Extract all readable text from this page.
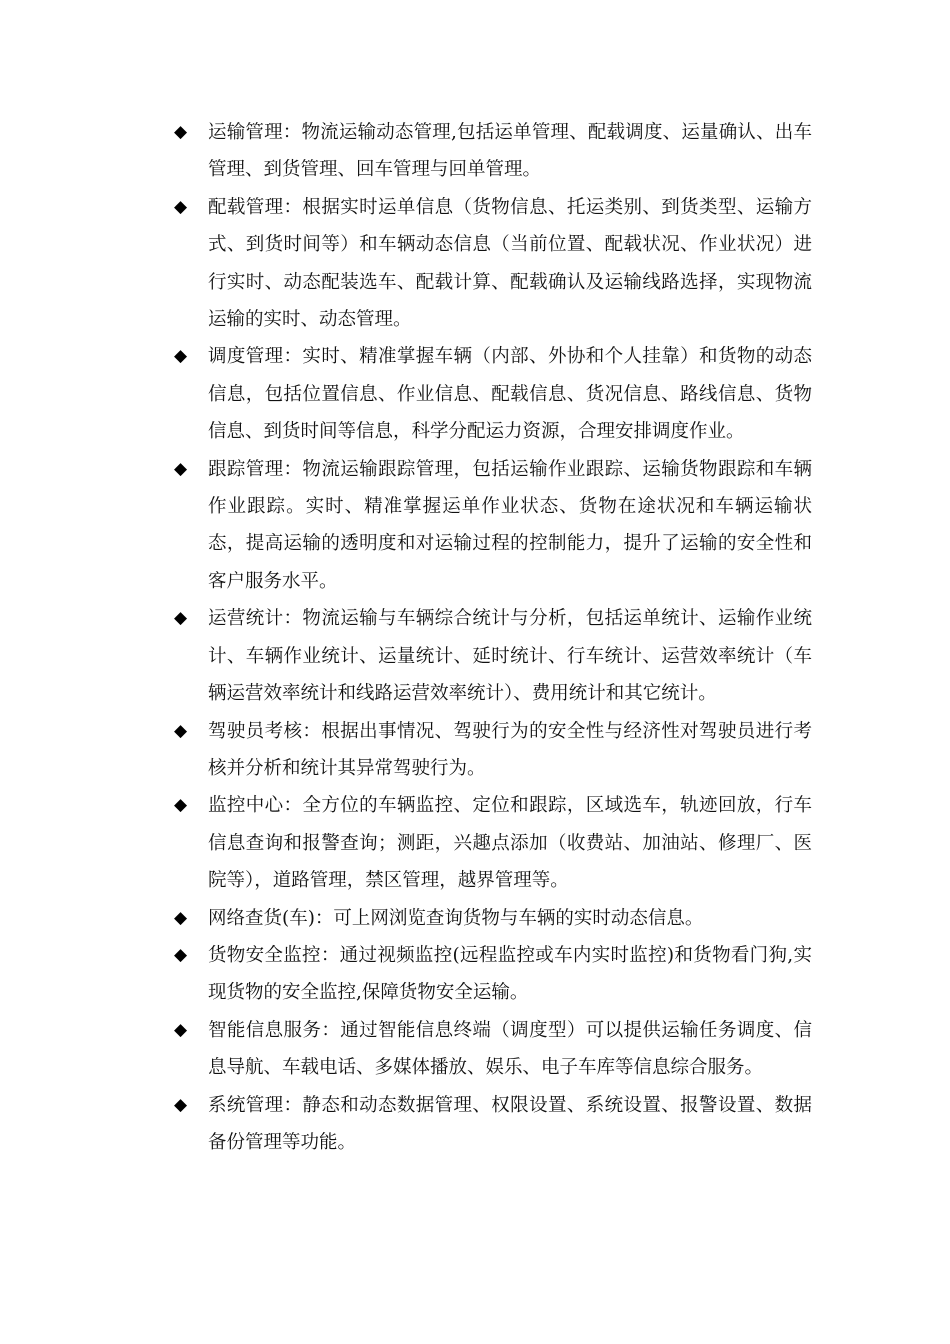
◆ 运输管理：物流运输动态管理,包括运单管理、配载调度、运量确认、出车管理、到货管理、回车管理与回单管理。
◆ 配载管理：根据实时运单信息（货物信息、托运类别、到货类型、运输方式、到货时间等）和车辆动态信息（当前位置、配载状况、作业状况）进行实时、动态配装选车、配载计算、配载确认及运输线路选择，实现物流运输的实时、动态管理。
◆ 调度管理：实时、精准掌握车辆（内部、外协和个人挂靠）和货物的动态信息，包括位置信息、作业信息、配载信息、货况信息、路线信息、货物信息、到货时间等信息，科学分配运力资源，合理安排调度作业。
◆ 跟踪管理：物流运输跟踪管理，包括运输作业跟踪、运输货物跟踪和车辆作业跟踪。实时、精准掌握运单作业状态、货物在途状况和车辆运输状态，提高运输的透明度和对运输过程的控制能力，提升了运输的安全性和客户服务水平。
◆ 运营统计：物流运输与车辆综合统计与分析，包括运单统计、运输作业统计、车辆作业统计、运量统计、延时统计、行车统计、运营效率统计（车辆运营效率统计和线路运营效率统计）、费用统计和其它统计。
◆ 驾驶员考核：根据出事情况、驾驶行为的安全性与经济性对驾驶员进行考核并分析和统计其异常驾驶行为。
◆ 监控中心：全方位的车辆监控、定位和跟踪，区域选车，轨迹回放，行车信息查询和报警查询；测距，兴趣点添加（收费站、加油站、修理厂、医院等），道路管理，禁区管理，越界管理等。
◆ 网络查货(车)：可上网浏览查询货物与车辆的实时动态信息。
◆ 货物安全监控：通过视频监控(远程监控或车内实时监控)和货物看门狗,实现货物的安全监控,保障货物安全运输。
◆ 智能信息服务：通过智能信息终端（调度型）可以提供运输任务调度、信息导航、车载电话、多媒体播放、娱乐、电子车库等信息综合服务。
◆ 系统管理：静态和动态数据管理、权限设置、系统设置、报警设置、数据备份管理等功能。
